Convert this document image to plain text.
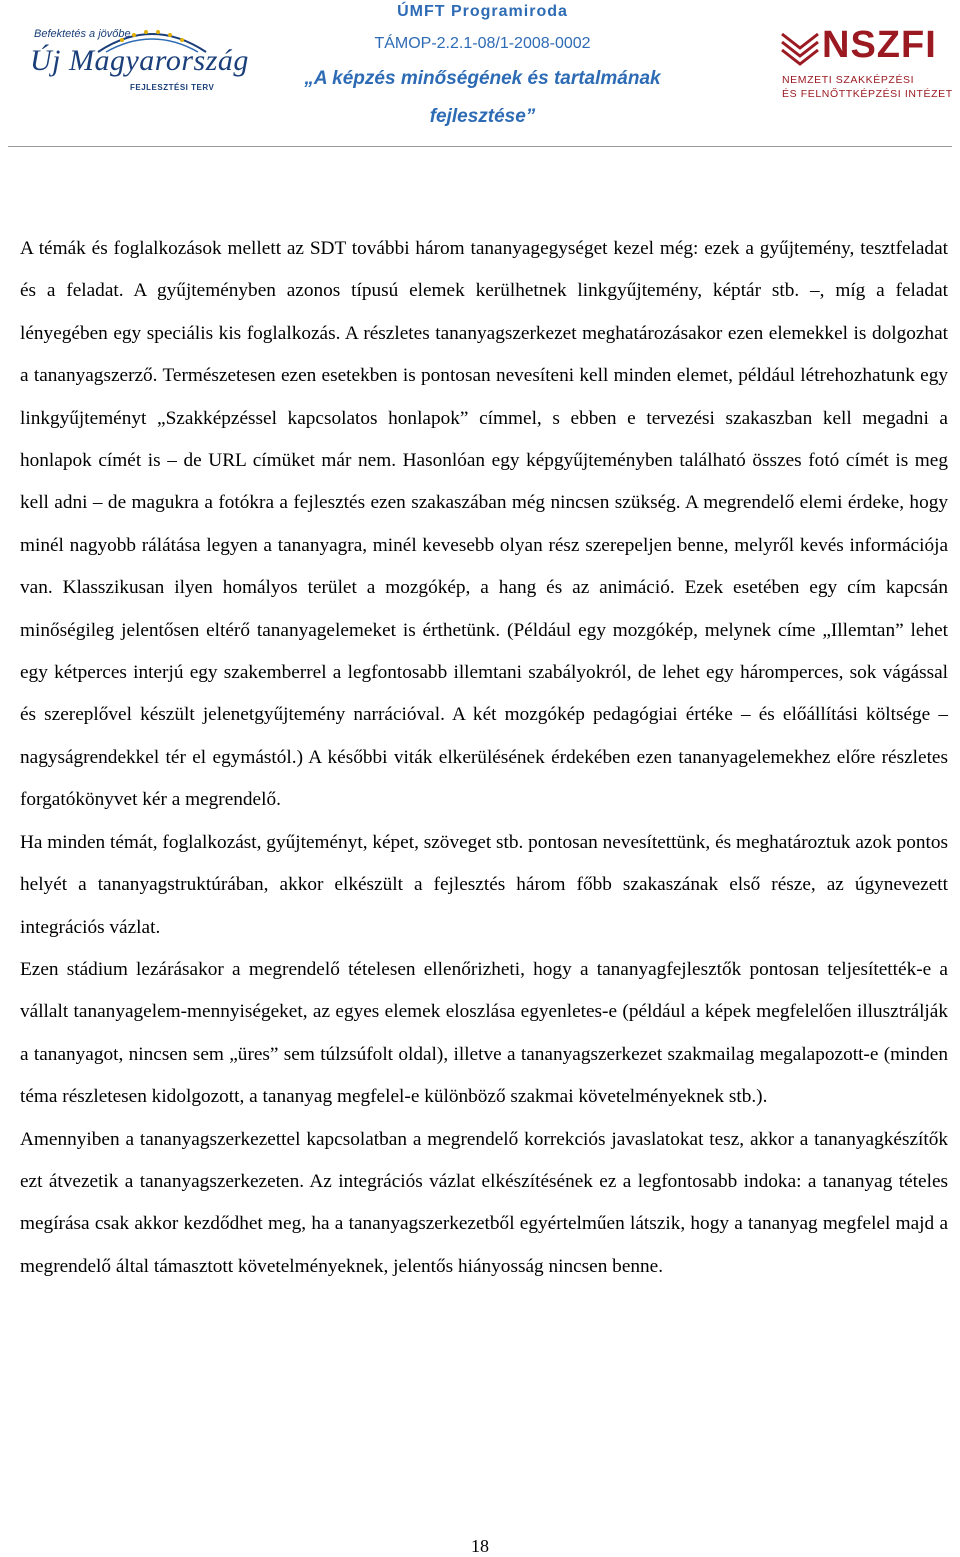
Befektetés a jövőbe
Új Magyarország
FEJLESZTÉSI TERV
ÚMFT Programiroda
TÁMOP-2.2.1-08/1-2008-0002
„A képzés minőségének és tartalmának
fejlesztése”
NSZFI
NEMZETI SZAKKÉPZÉSI
ÉS FELNŐTTKÉPZÉSI INTÉZET

A témák és foglalkozások mellett az SDT további három tananyagegységet kezel még: ezek a gyűjtemény, tesztfeladat és a feladat. A gyűjteményben azonos típusú elemek kerülhetnek linkgyűjtemény, képtár stb. –, míg a feladat lényegében egy speciális kis foglalkozás. A részletes tananyagszerkezet meghatározásakor ezen elemekkel is dolgozhat a tananyagszerző. Természetesen ezen esetekben is pontosan nevesíteni kell minden elemet, például létrehozhatunk egy linkgyűjteményt „Szakképzéssel kapcsolatos honlapok” címmel, s ebben e tervezési szakaszban kell megadni a honlapok címét is – de URL címüket már nem. Hasonlóan egy képgyűjteményben található összes fotó címét is meg kell adni – de magukra a fotókra a fejlesztés ezen szakaszában még nincsen szükség. A megrendelő elemi érdeke, hogy minél nagyobb rálátása legyen a tananyagra, minél kevesebb olyan rész szerepeljen benne, melyről kevés információja van. Klasszikusan ilyen homályos terület a mozgókép, a hang és az animáció. Ezek esetében egy cím kapcsán minőségileg jelentősen eltérő tananyagelemeket is érthetünk. (Például egy mozgókép, melynek címe „Illemtan” lehet egy kétperces interjú egy szakemberrel a legfontosabb illemtani szabályokról, de lehet egy háromperces, sok vágással és szereplővel készült jelenetgyűjtemény narrációval. A két mozgókép pedagógiai értéke – és előállítási költsége – nagyságrendekkel tér el egymástól.) A későbbi viták elkerülésének érdekében ezen tananyagelemekhez előre részletes forgatókönyvet kér a megrendelő.

Ha minden témát, foglalkozást, gyűjteményt, képet, szöveget stb. pontosan nevesítettünk, és meghatároztuk azok pontos helyét a tananyagstruktúrában, akkor elkészült a fejlesztés három főbb szakaszának első része, az úgynevezett integrációs vázlat.

Ezen stádium lezárásakor a megrendelő tételesen ellenőrizheti, hogy a tananyagfejlesztők pontosan teljesítették-e a vállalt tananyagelem-mennyiségeket, az egyes elemek eloszlása egyenletes-e (például a képek megfelelően illusztrálják a tananyagot, nincsen sem „üres” sem túlzsúfolt oldal), illetve a tananyagszerkezet szakmailag megalapozott-e (minden téma részletesen kidolgozott, a tananyag megfelel-e különböző szakmai követelményeknek stb.).

Amennyiben a tananyagszerkezettel kapcsolatban a megrendelő korrekciós javaslatokat tesz, akkor a tananyagkészítők ezt átvezetik a tananyagszerkezeten. Az integrációs vázlat elkészítésének ez a legfontosabb indoka: a tananyag tételes megírása csak akkor kezdődhet meg, ha a tananyagszerkezetből egyértelműen látszik, hogy a tananyag megfelel majd a megrendelő által támasztott követelményeknek, jelentős hiányosság nincsen benne.

18
